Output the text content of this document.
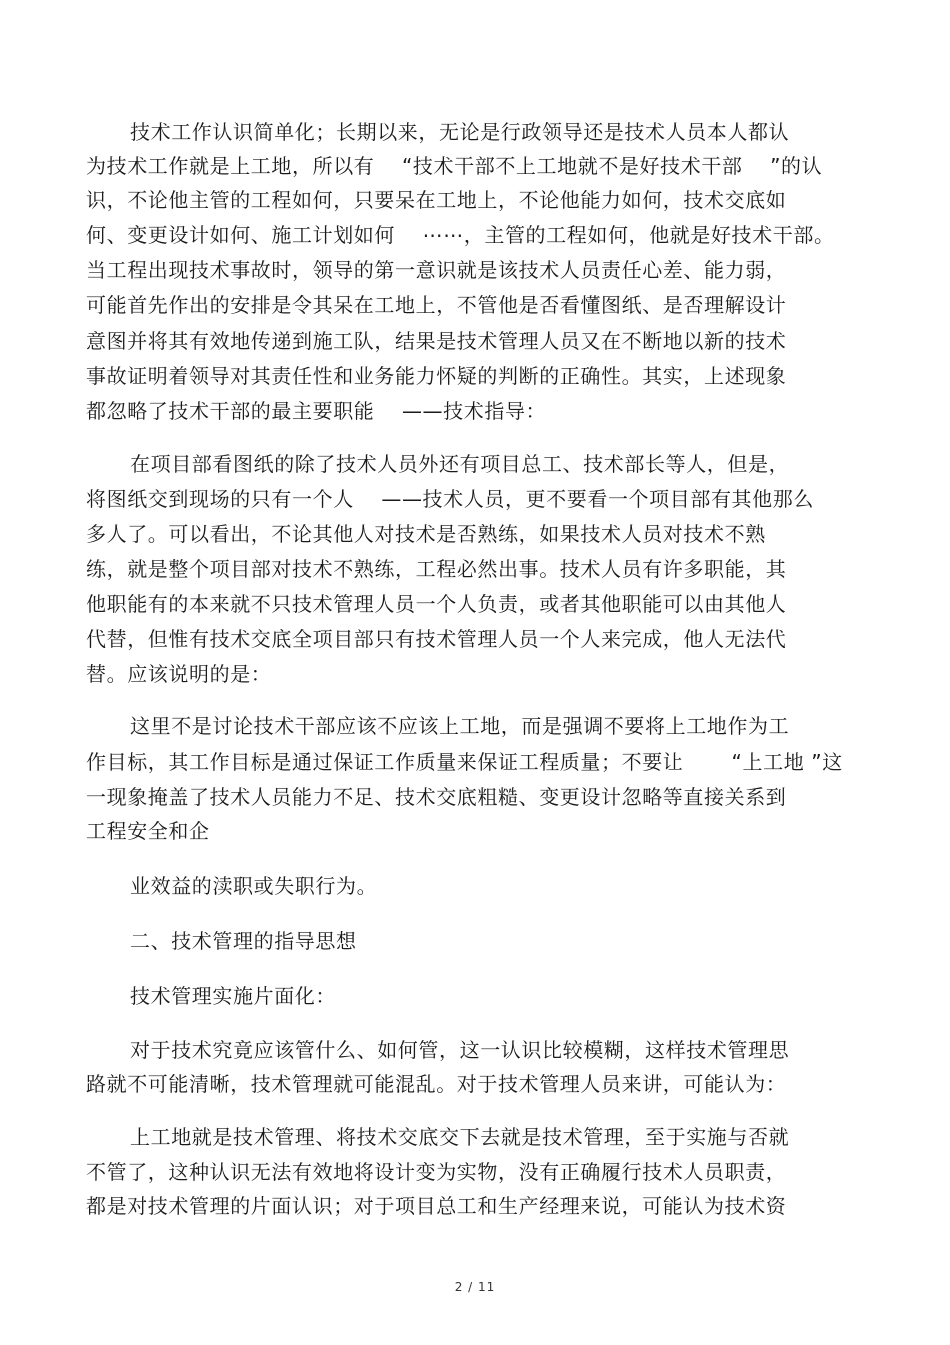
技术工作认识简单化；长期以来，无论是行政领导还是技术人员本人都认
为技术工作就是上工地，所以有　 “技术干部不上工地就不是好技术干部　 ”的认
识，不论他主管的工程如何，只要呆在工地上，不论他能力如何，技术交底如
何、变更设计如何、施工计划如何　 ⋯⋯，主管的工程如何，他就是好技术干部。
当工程出现技术事故时，领导的第一意识就是该技术人员责任心差、能力弱，
可能首先作出的安排是令其呆在工地上，不管他是否看懂图纸、是否理解设计
意图并将其有效地传递到施工队，结果是技术管理人员又在不断地以新的技术
事故证明着领导对其责任性和业务能力怀疑的判断的正确性。其实，上述现象
都忽略了技术干部的最主要职能　 ——技术指导：
在项目部看图纸的除了技术人员外还有项目总工、技术部长等人，但是，
将图纸交到现场的只有一个人　 ——技术人员，更不要看一个项目部有其他那么
多人了。可以看出，不论其他人对技术是否熟练，如果技术人员对技术不熟
练，就是整个项目部对技术不熟练，工程必然出事。技术人员有许多职能，其
他职能有的本来就不只技术管理人员一个人负责，或者其他职能可以由其他人
代替，但惟有技术交底全项目部只有技术管理人员一个人来完成，他人无法代
替。应该说明的是：
这里不是讨论技术干部应该不应该上工地，而是强调不要将上工地作为工
作目标，其工作目标是通过保证工作质量来保证工程质量；不要让　　 “上工地 ”这
一现象掩盖了技术人员能力不足、技术交底粗糙、变更设计忽略等直接关系到
工程安全和企
业效益的渎职或失职行为。
二、技术管理的指导思想
技术管理实施片面化：
对于技术究竟应该管什么、如何管，这一认识比较模糊，这样技术管理思
路就不可能清晰，技术管理就可能混乱。对于技术管理人员来讲，可能认为：
上工地就是技术管理、将技术交底交下去就是技术管理，至于实施与否就
不管了，这种认识无法有效地将设计变为实物，没有正确履行技术人员职责，
都是对技术管理的片面认识；对于项目总工和生产经理来说，可能认为技术资
2 / 11
